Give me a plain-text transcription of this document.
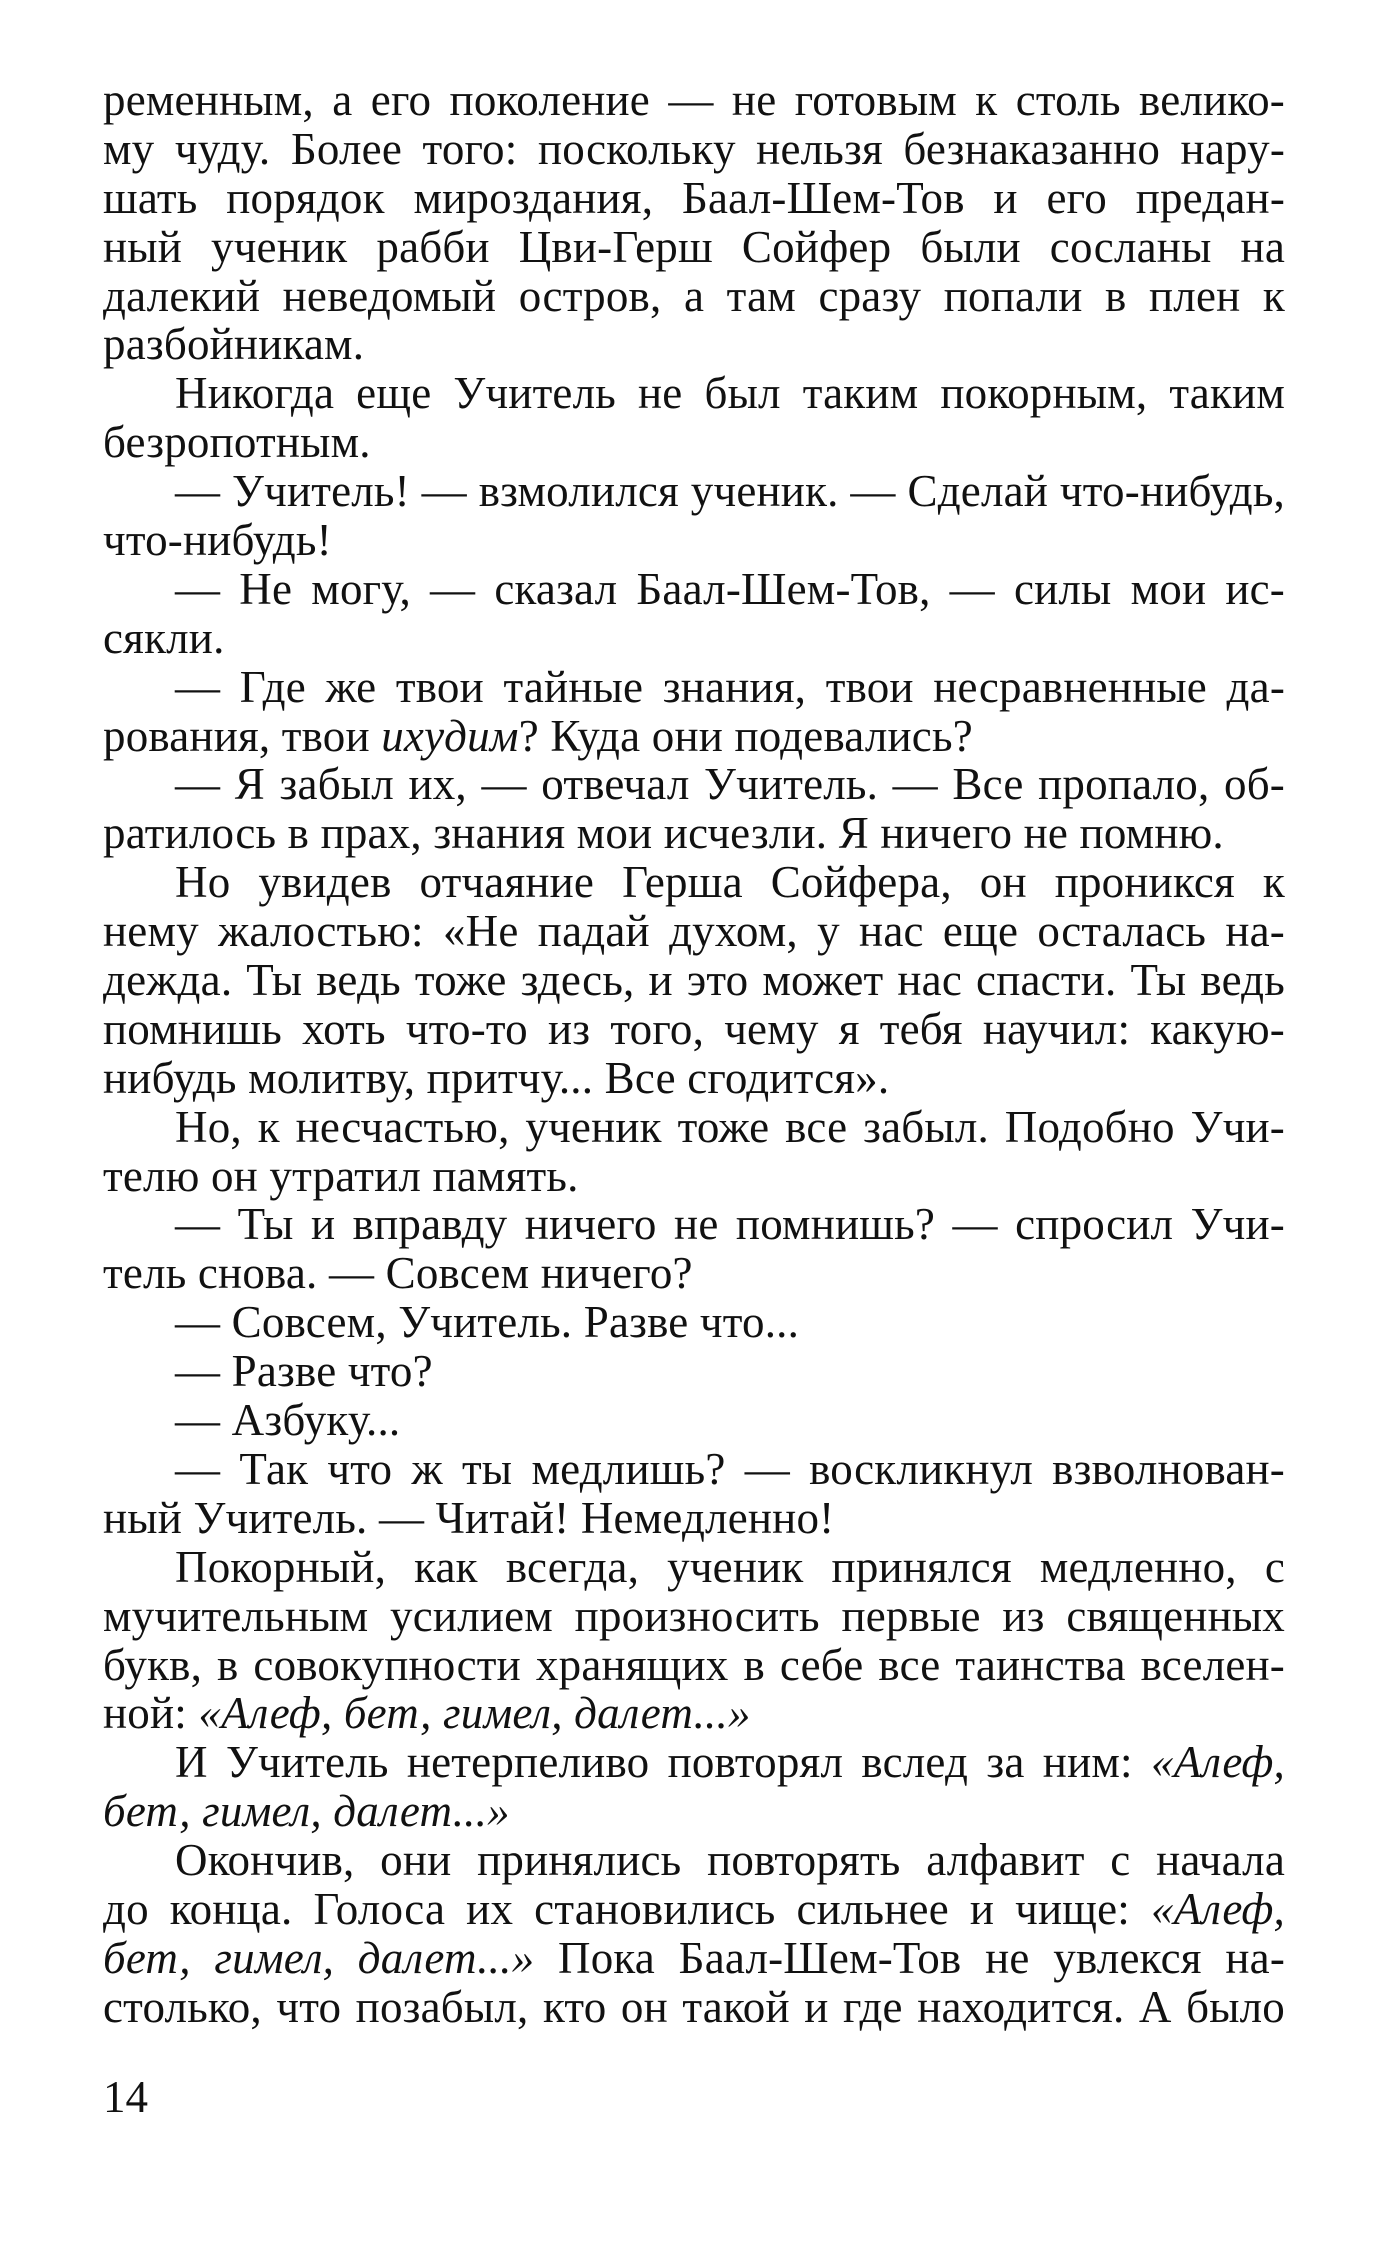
ременным, а его поколение — не готовым к столь велико-
му чуду. Более того: поскольку нельзя безнаказанно нару-
шать порядок мироздания, Баал-Шем-Тов и его предан-
ный ученик рабби Цви-Герш Сойфер были сосланы на
далекий неведомый остров, а там сразу попали в плен к
разбойникам.
Никогда еще Учитель не был таким покорным, таким
безропотным.
— Учитель! — взмолился ученик. — Сделай что-нибудь,
что-нибудь!
— Не могу, — сказал Баал-Шем-Тов, — силы мои ис-
сякли.
— Где же твои тайные знания, твои несравненные да-
рования, твои ихудим? Куда они подевались?
— Я забыл их, — отвечал Учитель. — Все пропало, об-
ратилось в прах, знания мои исчезли. Я ничего не помню.
Но увидев отчаяние Герша Сойфера, он проникся к
нему жалостью: «Не падай духом, у нас еще осталась на-
дежда. Ты ведь тоже здесь, и это может нас спасти. Ты ведь
помнишь хоть что-то из того, чему я тебя научил: какую-
нибудь молитву, притчу... Все сгодится».
Но, к несчастью, ученик тоже все забыл. Подобно Учи-
телю он утратил память.
— Ты и вправду ничего не помнишь? — спросил Учи-
тель снова. — Совсем ничего?
— Совсем, Учитель. Разве что...
— Разве что?
— Азбуку...
— Так что ж ты медлишь? — воскликнул взволнован-
ный Учитель. — Читай! Немедленно!
Покорный, как всегда, ученик принялся медленно, с
мучительным усилием произносить первые из священных
букв, в совокупности хранящих в себе все таинства вселен-
ной: «Алеф, бет, гимел, далет...»
И Учитель нетерпеливо повторял вслед за ним: «Алеф,
бет, гимел, далет...»
Окончив, они принялись повторять алфавит с начала
до конца. Голоса их становились сильнее и чище: «Алеф,
бет, гимел, далет...» Пока Баал-Шем-Тов не увлекся на-
столько, что позабыл, кто он такой и где находится. А было
14
